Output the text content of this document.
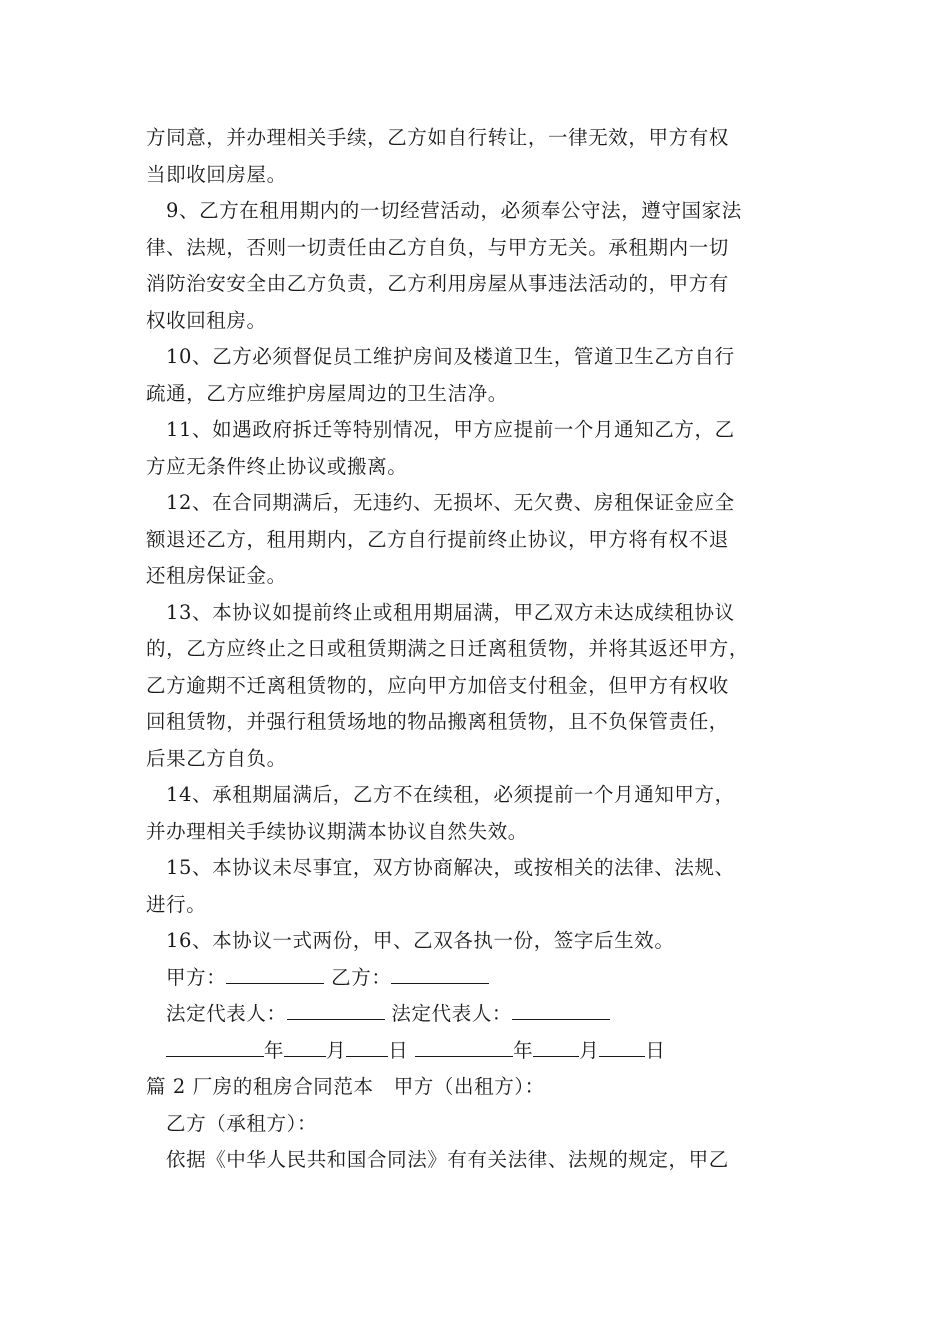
方同意，并办理相关手续，乙方如自行转让，一律无效，甲方有权
当即收回房屋。
9、乙方在租用期内的一切经营活动，必须奉公守法，遵守国家法
律、法规，否则一切责任由乙方自负，与甲方无关。承租期内一切
消防治安安全由乙方负责，乙方利用房屋从事违法活动的，甲方有
权收回租房。
10、乙方必须督促员工维护房间及楼道卫生，管道卫生乙方自行
疏通，乙方应维护房屋周边的卫生洁净。
11、如遇政府拆迁等特别情况，甲方应提前一个月通知乙方，乙
方应无条件终止协议或搬离。
12、在合同期满后，无违约、无损坏、无欠费、房租保证金应全
额退还乙方，租用期内，乙方自行提前终止协议，甲方将有权不退
还租房保证金。
13、本协议如提前终止或租用期届满，甲乙双方未达成续租协议
的，乙方应终止之日或租赁期满之日迁离租赁物，并将其返还甲方，
乙方逾期不迁离租赁物的，应向甲方加倍支付租金，但甲方有权收
回租赁物，并强行租赁场地的物品搬离租赁物，且不负保管责任，
后果乙方自负。
14、承租期届满后，乙方不在续租，必须提前一个月通知甲方，
并办理相关手续协议期满本协议自然失效。
15、本协议未尽事宜，双方协商解决，或按相关的法律、法规、
进行。
16、本协议一式两份，甲、乙双各执一份，签字后生效。
甲方：	乙方：
法定代表人：	法定代表人：
年 月 日	年 月 日
篇 2 厂房的租房合同范本　甲方（出租方）：
乙方（承租方）：
依据《中华人民共和国合同法》有有关法律、法规的规定，甲乙
